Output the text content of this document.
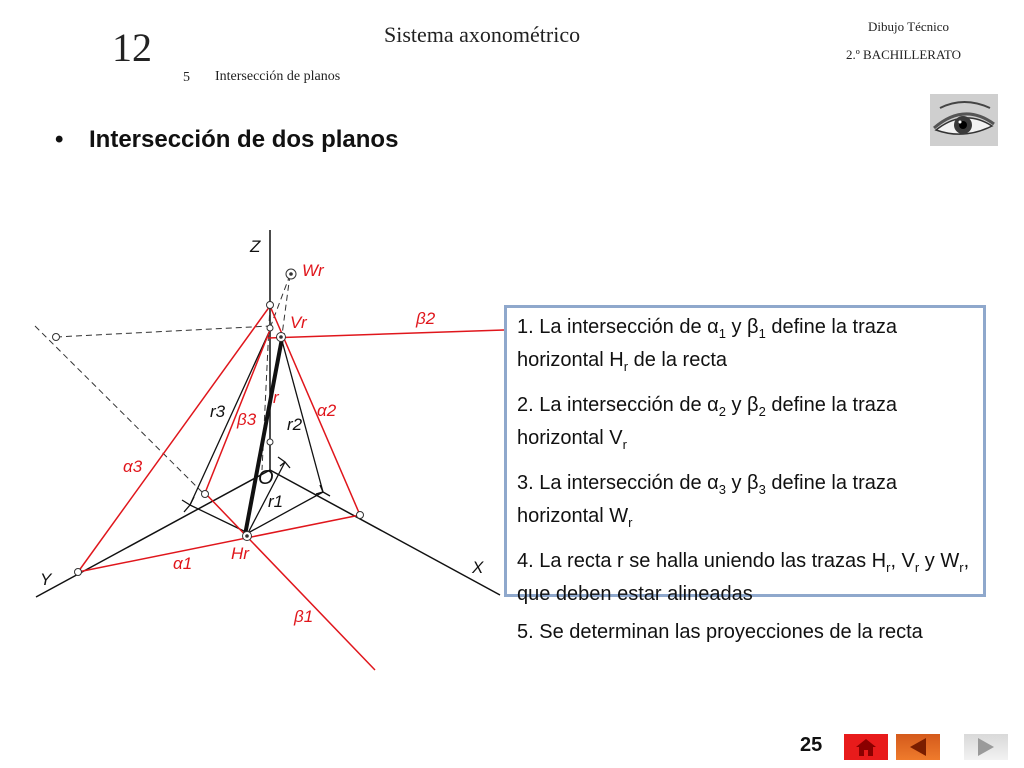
12	Sistema axonométrico
5 Intersección de planos
Dibujo Técnico
2.º BACHILLERATO
• Intersección de dos planos
Z
Y
X
O
r3
r2
r1
r
Wr
Vr
Hr
α1
α2
α3
β1
β2
β3
1. La intersección de $\alpha_1$ y $\beta_1$ define la traza horizontal $H_r$ de la recta
2. La intersección de $\alpha_2$ y $\beta_2$ define la traza horizontal $V_r$
3. La intersección de $\alpha_3$ y $\beta_3$ define la traza horizontal $W_r$
4. La recta r se halla uniendo las trazas $H_r$, $V_r$ y $W_r$, que deben estar alineadas
5. Se determinan las proyecciones de la recta
25
